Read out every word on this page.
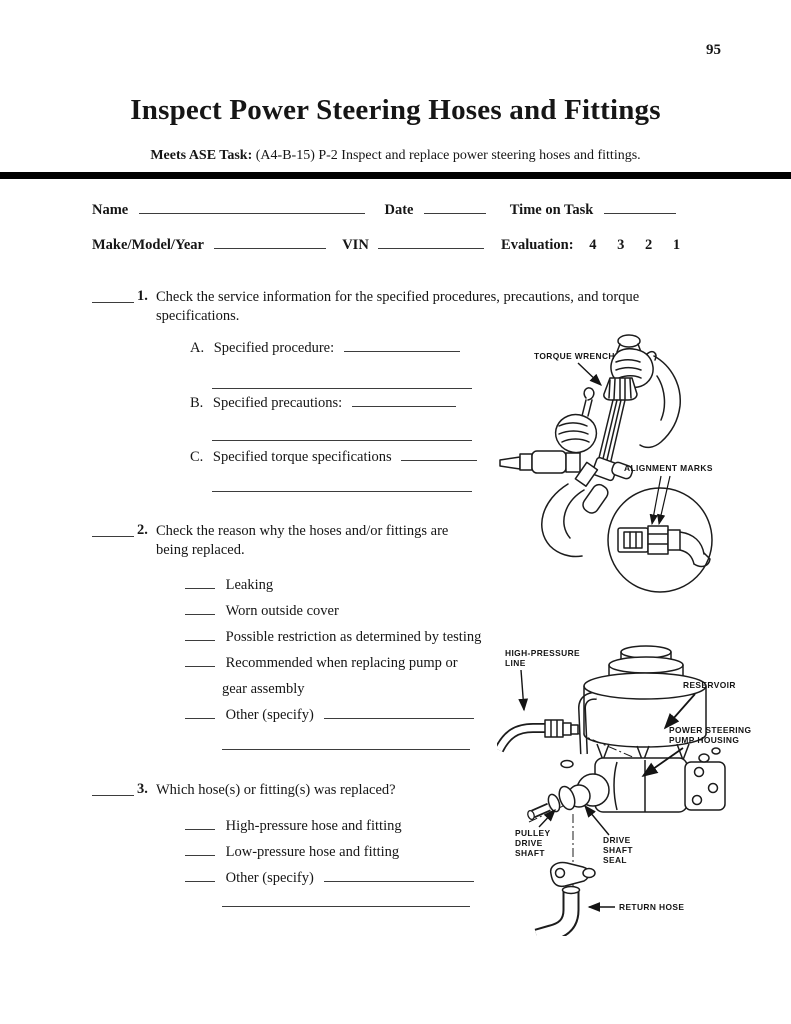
95
Inspect Power Steering Hoses and Fittings
Meets ASE Task: (A4-B-15) P-2 Inspect and replace power steering hoses and fittings.
Name	Date	Time on Task
Make/Model/Year	VIN	Evaluation: 4 3 2 1
1. Check the service information for the specified procedures, precautions, and torque
specifications.
A. Specified procedure:
B. Specified precautions:
C. Specified torque specifications
2. Check the reason why the hoses and/or fittings are
being replaced.
Leaking
Worn outside cover
Possible restriction as determined by testing
Recommended when replacing pump or
gear assembly
Other (specify)
3. Which hose(s) or fitting(s) was replaced?
High-pressure hose and fitting
Low-pressure hose and fitting
Other (specify)
TORQUE WRENCH
ALIGNMENT MARKS
HIGH-PRESSURE
LINE
RESERVOIR
POWER STEERING
PUMP HOUSING
PULLEY
DRIVE
SHAFT
DRIVE
SHAFT
SEAL
RETURN HOSE
